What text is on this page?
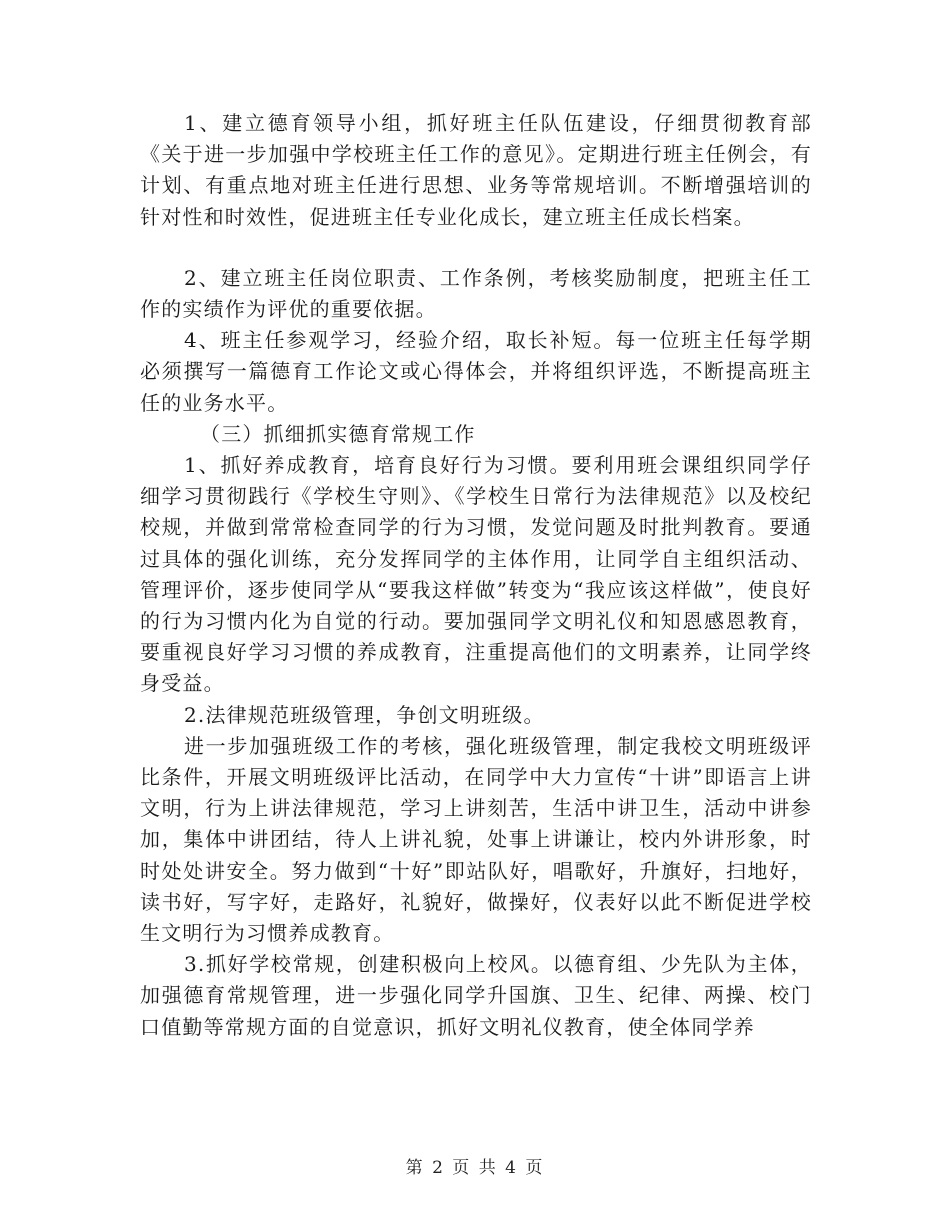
1、建立德育领导小组，抓好班主任队伍建设，仔细贯彻教育部《关于进一步加强中学校班主任工作的意见》。定期进行班主任例会，有计划、有重点地对班主任进行思想、业务等常规培训。不断增强培训的针对性和时效性，促进班主任专业化成长，建立班主任成长档案。

2、建立班主任岗位职责、工作条例，考核奖励制度，把班主任工作的实绩作为评优的重要依据。

4、班主任参观学习，经验介绍，取长补短。每一位班主任每学期必须撰写一篇德育工作论文或心得体会，并将组织评选，不断提高班主任的业务水平。

（三）抓细抓实德育常规工作

1、抓好养成教育，培育良好行为习惯。要利用班会课组织同学仔细学习贯彻践行《学校生守则》、《学校生日常行为法律规范》以及校纪校规，并做到常常检查同学的行为习惯，发觉问题及时批判教育。要通过具体的强化训练，充分发挥同学的主体作用，让同学自主组织活动、管理评价，逐步使同学从“要我这样做”转变为“我应该这样做”，使良好的行为习惯内化为自觉的行动。要加强同学文明礼仪和知恩感恩教育，要重视良好学习习惯的养成教育，注重提高他们的文明素养，让同学终身受益。

2.法律规范班级管理，争创文明班级。

进一步加强班级工作的考核，强化班级管理，制定我校文明班级评比条件，开展文明班级评比活动，在同学中大力宣传“十讲”即语言上讲文明，行为上讲法律规范，学习上讲刻苦，生活中讲卫生，活动中讲参加，集体中讲团结，待人上讲礼貌，处事上讲谦让，校内外讲形象，时时处处讲安全。努力做到“十好”即站队好，唱歌好，升旗好，扫地好，读书好，写字好，走路好，礼貌好，做操好，仪表好以此不断促进学校生文明行为习惯养成教育。

3.抓好学校常规，创建积极向上校风。以德育组、少先队为主体，加强德育常规管理，进一步强化同学升国旗、卫生、纪律、两操、校门口值勤等常规方面的自觉意识，抓好文明礼仪教育，使全体同学养

第 2 页 共 4 页
